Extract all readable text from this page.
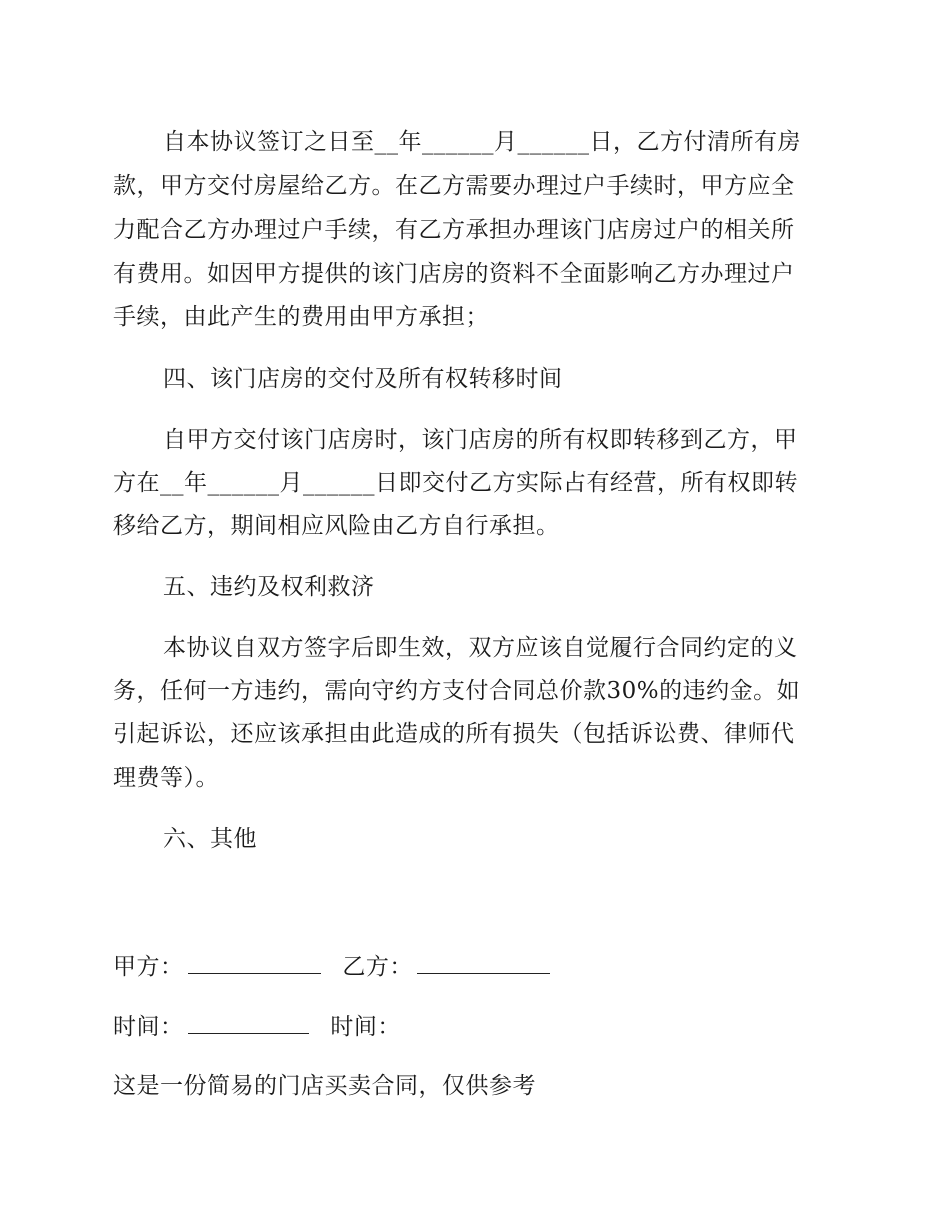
自本协议签订之日至__年______月______日，乙方付清所有房
款，甲方交付房屋给乙方。在乙方需要办理过户手续时，甲方应全
力配合乙方办理过户手续，有乙方承担办理该门店房过户的相关所
有费用。如因甲方提供的该门店房的资料不全面影响乙方办理过户
手续，由此产生的费用由甲方承担；
四、该门店房的交付及所有权转移时间
自甲方交付该门店房时，该门店房的所有权即转移到乙方，甲
方在__年______月______日即交付乙方实际占有经营，所有权即转
移给乙方，期间相应风险由乙方自行承担。
五、违约及权利救济
本协议自双方签字后即生效，双方应该自觉履行合同约定的义
务，任何一方违约，需向守约方支付合同总价款30%的违约金。如
引起诉讼，还应该承担由此造成的所有损失（包括诉讼费、律师代
理费等）。
六、其他
甲方：	乙方：
时间：	时间：
这是一份简易的门店买卖合同，仅供参考
